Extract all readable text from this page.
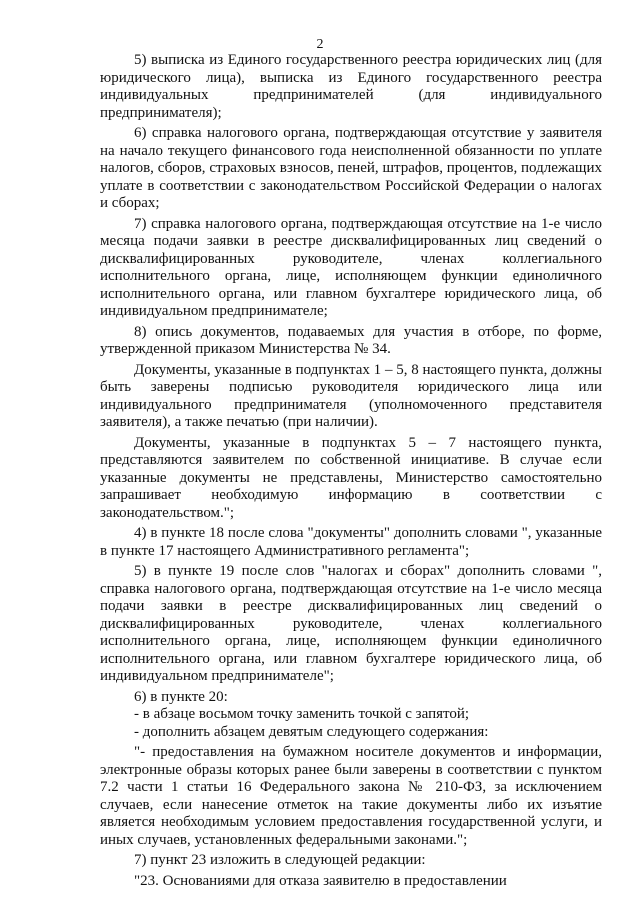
2

5) выписка из Единого государственного реестра юридических лиц (для юридического лица), выписка из Единого государственного реестра индивидуальных предпринимателей (для индивидуального предпринимателя);

6) справка налогового органа, подтверждающая отсутствие у заявителя на начало текущего финансового года неисполненной обязанности по уплате налогов, сборов, страховых взносов, пеней, штрафов, процентов, подлежащих уплате в соответствии с законодательством Российской Федерации о налогах и сборах;

7) справка налогового органа, подтверждающая отсутствие на 1-е число месяца подачи заявки в реестре дисквалифицированных лиц сведений о дисквалифицированных руководителе, членах коллегиального исполнительного органа, лице, исполняющем функции единоличного исполнительного органа, или главном бухгалтере юридического лица, об индивидуальном предпринимателе;

8) опись документов, подаваемых для участия в отборе, по форме, утвержденной приказом Министерства № 34.

Документы, указанные в подпунктах 1 – 5, 8 настоящего пункта, должны быть заверены подписью руководителя юридического лица или индивидуального предпринимателя (уполномоченного представителя заявителя), а также печатью (при наличии).

Документы, указанные в подпунктах 5 – 7 настоящего пункта, представляются заявителем по собственной инициативе. В случае если указанные документы не представлены, Министерство самостоятельно запрашивает необходимую информацию в соответствии с законодательством.";

4) в пункте 18 после слова "документы" дополнить словами ", указанные в пункте 17 настоящего Административного регламента";

5) в пункте 19 после слов "налогах и сборах" дополнить словами ", справка налогового органа, подтверждающая отсутствие на 1-е число месяца подачи заявки в реестре дисквалифицированных лиц сведений о дисквалифицированных руководителе, членах коллегиального исполнительного органа, лице, исполняющем функции единоличного исполнительного органа, или главном бухгалтере юридического лица, об индивидуальном предпринимателе";

6) в пункте 20:

- в абзаце восьмом точку заменить точкой с запятой;

- дополнить абзацем девятым следующего содержания:

"- предоставления на бумажном носителе документов и информации, электронные образы которых ранее были заверены в соответствии с пунктом 7.2 части 1 статьи 16 Федерального закона № 210-ФЗ, за исключением случаев, если нанесение отметок на такие документы либо их изъятие является необходимым условием предоставления государственной услуги, и иных случаев, установленных федеральными законами.";

7) пункт 23 изложить в следующей редакции:

"23. Основаниями для отказа заявителю в предоставлении
